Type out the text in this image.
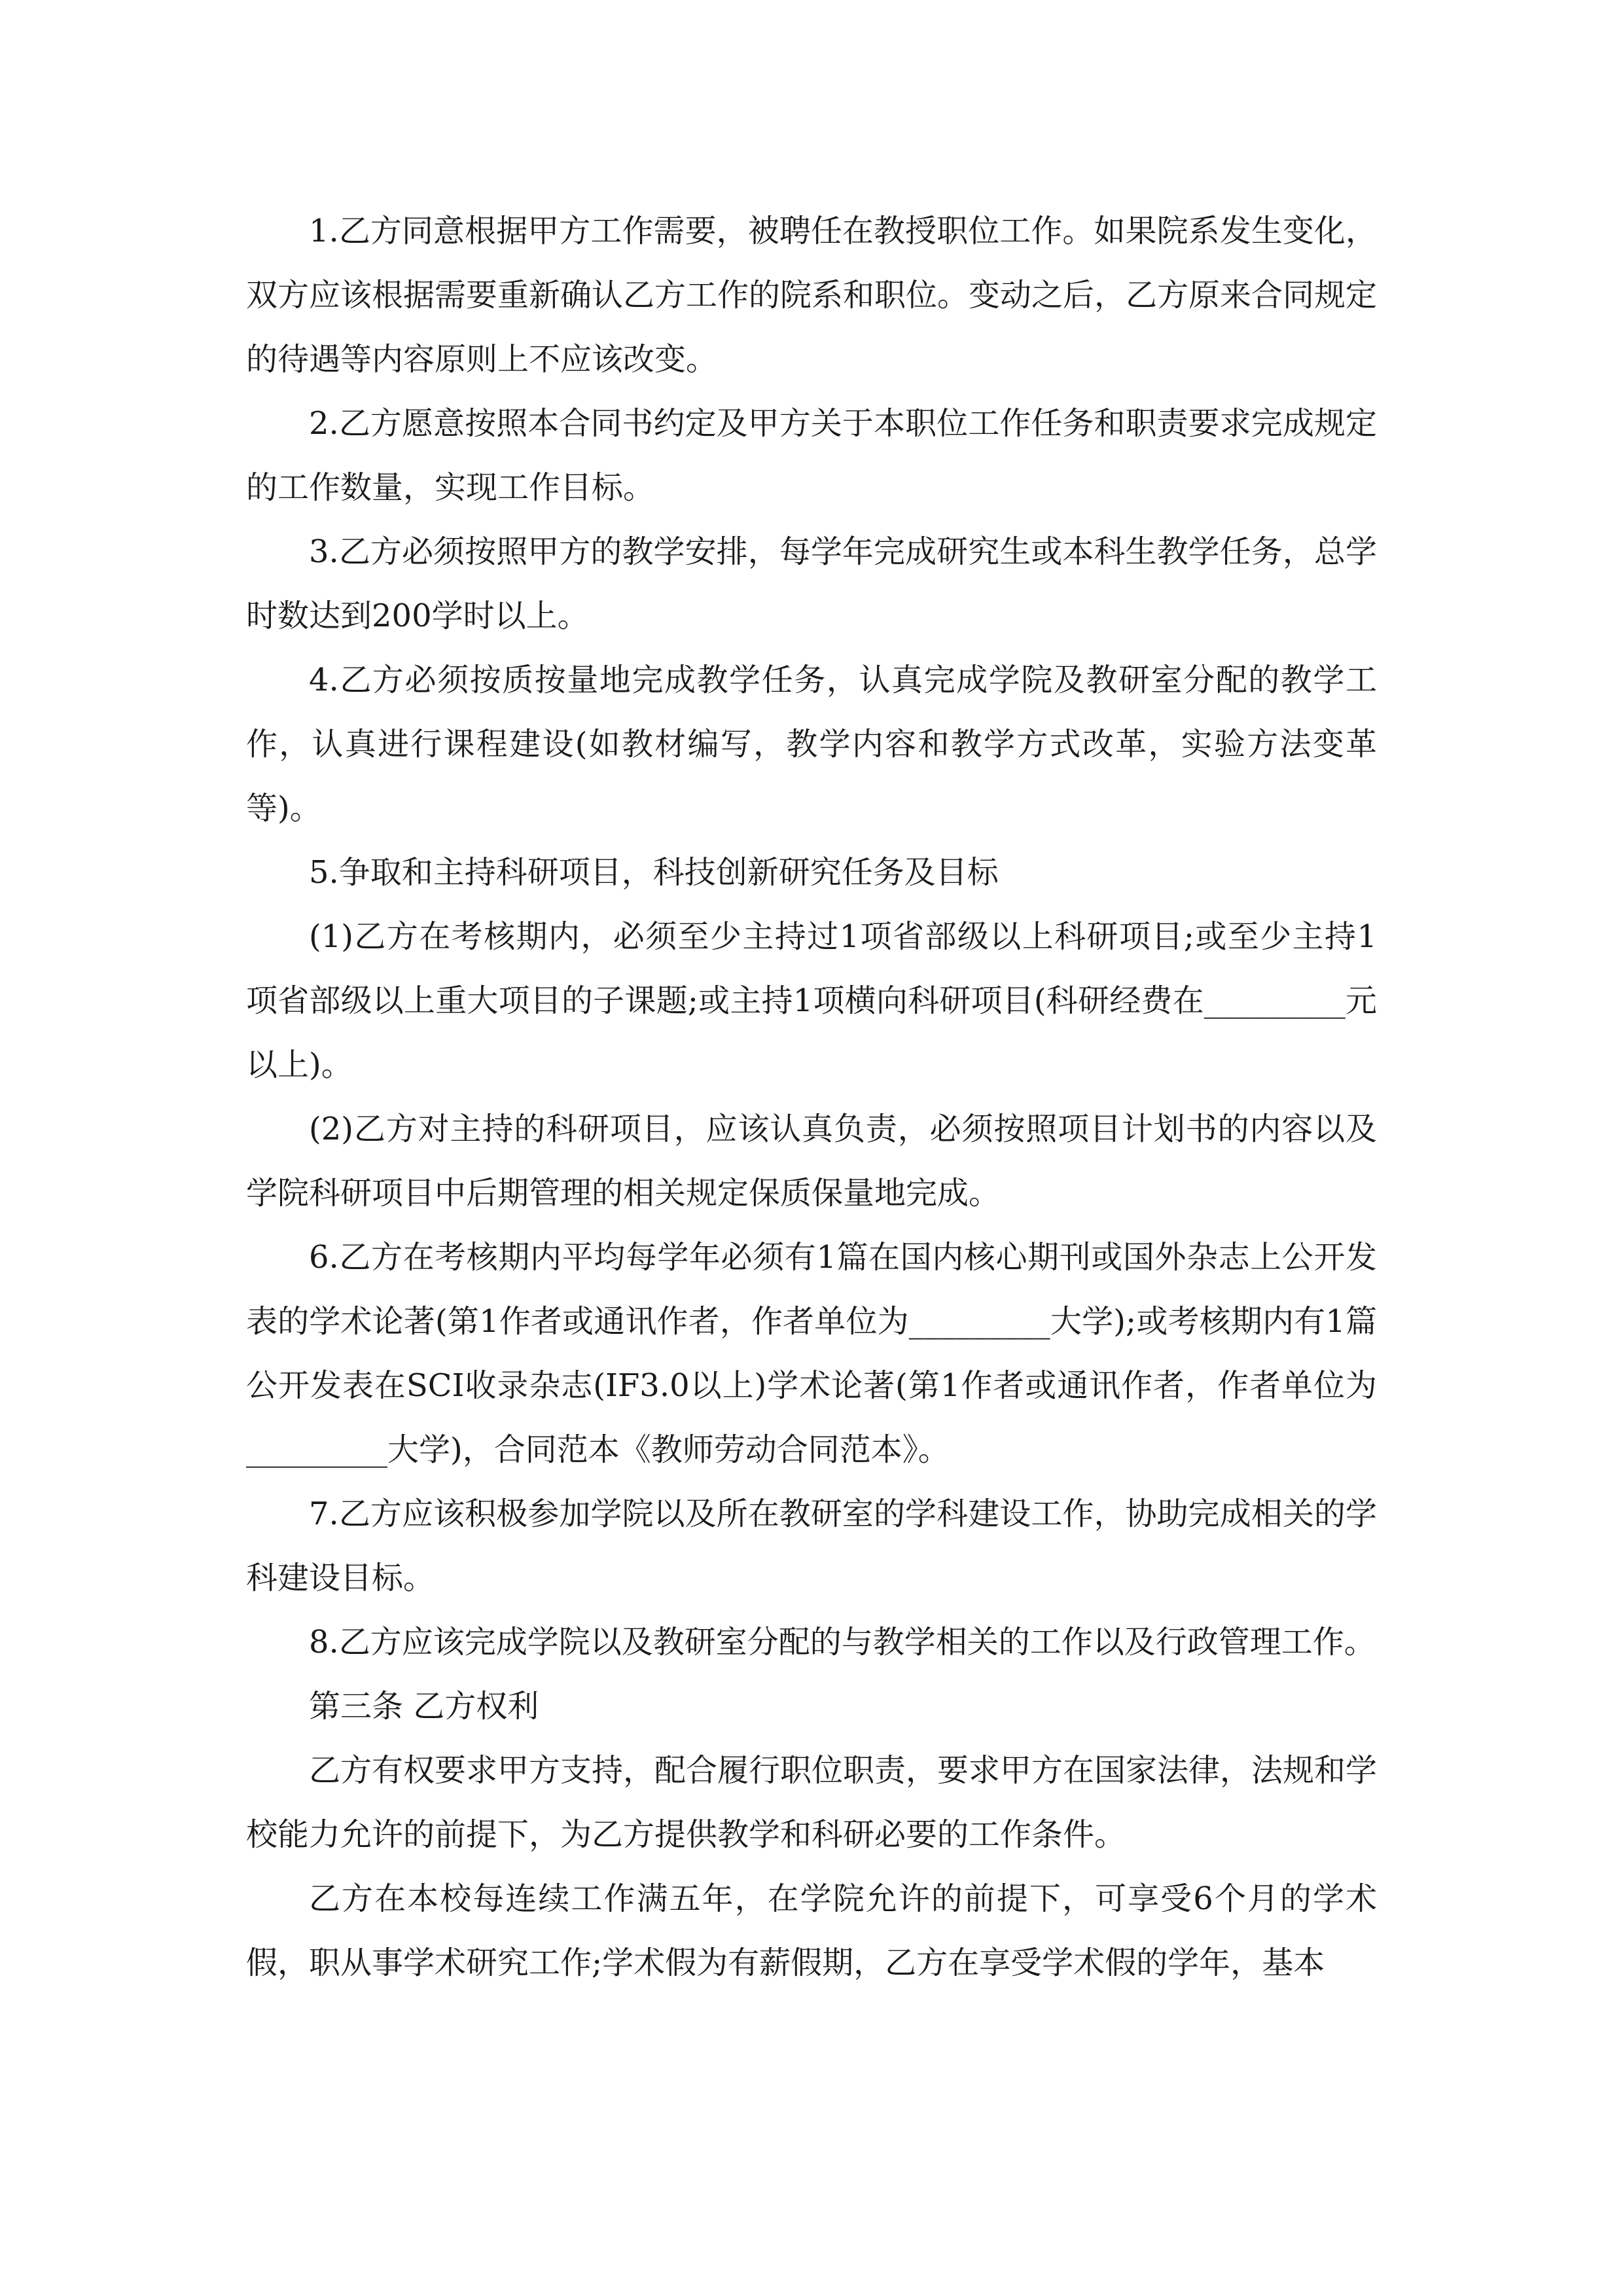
1.乙方同意根据甲方工作需要，被聘任在教授职位工作。如果院系发生变化，双方应该根据需要重新确认乙方工作的院系和职位。变动之后，乙方原来合同规定的待遇等内容原则上不应该改变。

2.乙方愿意按照本合同书约定及甲方关于本职位工作任务和职责要求完成规定的工作数量，实现工作目标。

3.乙方必须按照甲方的教学安排，每学年完成研究生或本科生教学任务，总学时数达到200学时以上。

4.乙方必须按质按量地完成教学任务，认真完成学院及教研室分配的教学工作，认真进行课程建设(如教材编写，教学内容和教学方式改革，实验方法变革等)。

5.争取和主持科研项目，科技创新研究任务及目标

(1)乙方在考核期内，必须至少主持过1项省部级以上科研项目;或至少主持1项省部级以上重大项目的子课题;或主持1项横向科研项目(科研经费在_________元以上)。

(2)乙方对主持的科研项目，应该认真负责，必须按照项目计划书的内容以及学院科研项目中后期管理的相关规定保质保量地完成。

6.乙方在考核期内平均每学年必须有1篇在国内核心期刊或国外杂志上公开发表的学术论著(第1作者或通讯作者，作者单位为_________大学);或考核期内有1篇公开发表在SCI收录杂志(IF3.0以上)学术论著(第1作者或通讯作者，作者单位为_________大学)，合同范本《教师劳动合同范本》。

7.乙方应该积极参加学院以及所在教研室的学科建设工作，协助完成相关的学科建设目标。

8.乙方应该完成学院以及教研室分配的与教学相关的工作以及行政管理工作。

第三条 乙方权利

乙方有权要求甲方支持，配合履行职位职责，要求甲方在国家法律，法规和学校能力允许的前提下，为乙方提供教学和科研必要的工作条件。

乙方在本校每连续工作满五年，在学院允许的前提下，可享受6个月的学术假，职从事学术研究工作;学术假为有薪假期，乙方在享受学术假的学年，基本
